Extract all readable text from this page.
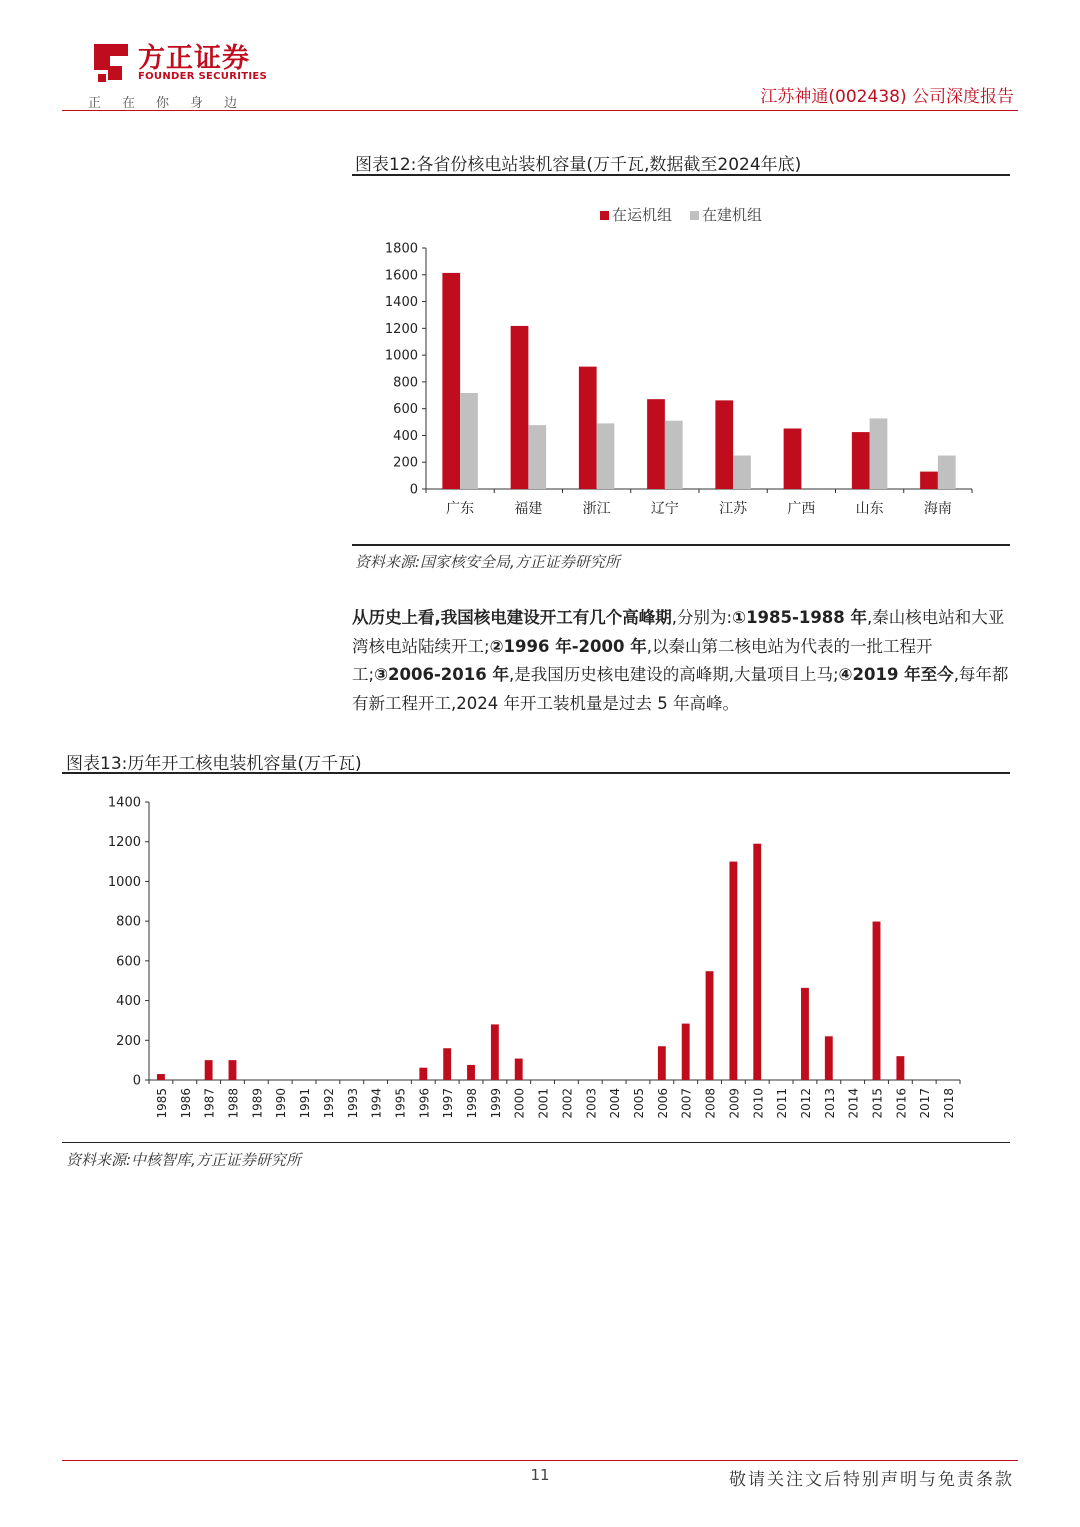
方正证券
FOUNDER SECURITIES
正在你身边	江苏神通(002438) 公司深度报告
图表12:各省份核电站装机容量(万千瓦,数据截至2024年底)
0
200
400
600
800
1000
1200
1400
1600
1800
广东	福建	浙江	辽宁	江苏	广西	山东	海南
在运机组 在建机组
资料来源:国家核安全局,方正证券研究所
从历史上看,我国核电建设开工有几个高峰期,分别为:①1985-1988 年,秦山核电站和大亚湾核电站陆续开工;②1996 年-2000 年,以秦山第二核电站为代表的一批工程开工;③2006-2016 年,是我国历史核电建设的高峰期,大量项目上马;④2019 年至今,每年都有新工程开工,2024 年开工装机量是过去 5 年高峰。
图表13:历年开工核电装机容量(万千瓦)
0
200
400
600
800
1000
1200
1400
1985 1986 1987 1988 1989 1990 1991 1992 1993 1994 1995 1996 1997 1998 1999 2000 2001 2002 2003 2004 2005 2006 2007 2008 2009 2010 2011 2012 2013 2014 2015 2016 2017 2018
资料来源:中核智库,方正证券研究所
11	敬请关注文后特别声明与免责条款
